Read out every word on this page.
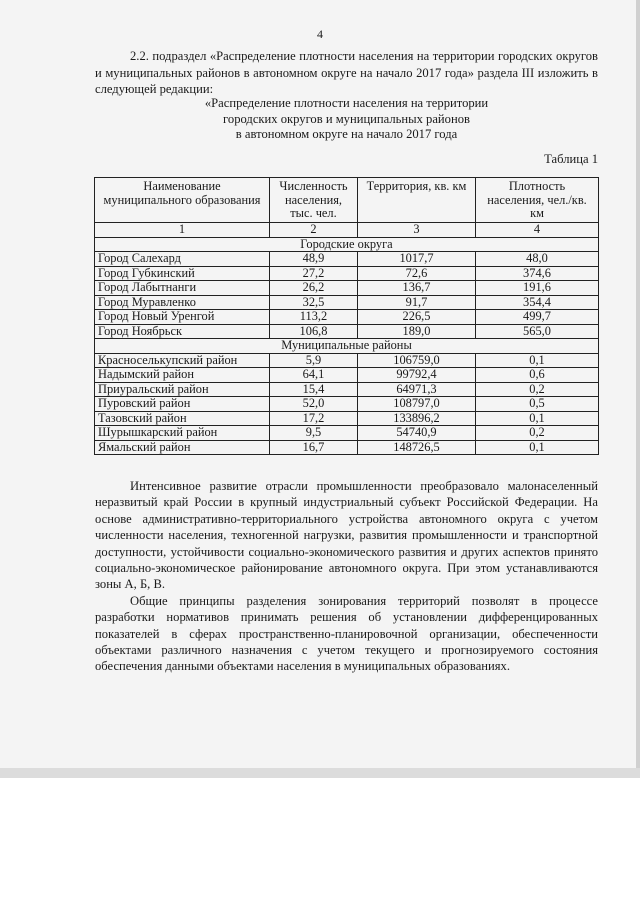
4

2.2. подраздел «Распределение плотности населения на территории городских округов и муниципальных районов в автономном округе на начало 2017 года» раздела III изложить в следующей редакции:

«Распределение плотности населения на территории
городских округов и муниципальных районов
в автономном округе на начало 2017 года
Таблица 1
Наименование муниципального образования	Численность населения, тыс. чел.	Территория, кв. км	Плотность населения, чел./кв. км
1	2	3	4
Городские округа			
Город Салехард	48,9	1017,7	48,0
Город Губкинский	27,2	72,6	374,6
Город Лабытнанги	26,2	136,7	191,6
Город Муравленко	32,5	91,7	354,4
Город Новый Уренгой	113,2	226,5	499,7
Город Ноябрьск	106,8	189,0	565,0
Муниципальные районы			
Красноселькупский район	5,9	106759,0	0,1
Надымский район	64,1	99792,4	0,6
Приуральский район	15,4	64971,3	0,2
Пуровский район	52,0	108797,0	0,5
Тазовский район	17,2	133896,2	0,1
Шурышкарский район	9,5	54740,9	0,2
Ямальский район	16,7	148726,5	0,1

Интенсивное развитие отрасли промышленности преобразовало малонаселенный неразвитый край России в крупный индустриальный субъект Российской Федерации. На основе административно-территориального устройства автономного округа с учетом численности населения, техногенной нагрузки, развития промышленности и транспортной доступности, устойчивости социально-экономического развития и других аспектов принято социально-экономическое районирование автономного округа. При этом устанавливаются зоны А, Б, В.

Общие принципы разделения зонирования территорий позволят в процессе разработки нормативов принимать решения об установлении дифференцированных показателей в сферах пространственно-планировочной организации, обеспеченности объектами различного назначения с учетом текущего и прогнозируемого состояния обеспечения данными объектами населения в муниципальных образованиях.
